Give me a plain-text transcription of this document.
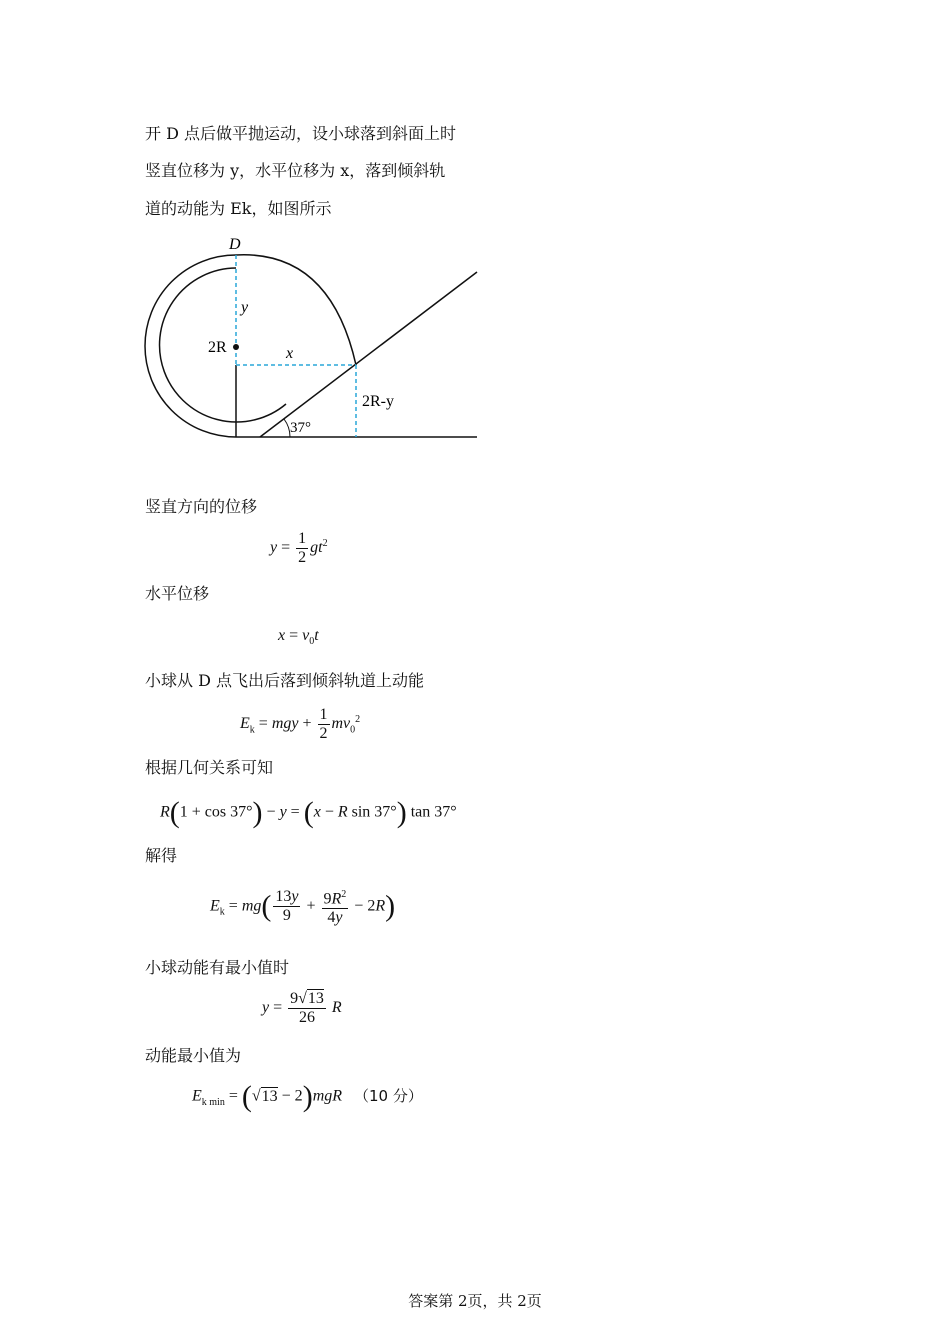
开 D 点后做平抛运动，设小球落到斜面上时
竖直位移为 y，水平位移为 x，落到倾斜轨
道的动能为 Ek，如图所示
D
y
2R	x
2R-y
37°
竖直方向的位移
水平位移
小球从 D 点飞出后落到倾斜轨道上动能
根据几何关系可知
解得
小球动能有最小值时
动能最小值为
$y = \frac{1}{2} gt^2$
$x = v_0t$
$E_k$ = mgy + $\frac{1}{2} mv_0^2$
R(1 + cos 37°) − y = (x − R sin 37°) tan 37°
$E_k = mg( \frac{13y}{9} + \frac{9R^2}{4y} - 2R)$
$y = \frac{9√13}{26}$ R
$E_{k min} = (√13 - 2)mgR$ （10 分）
答案第 2页，共 2页
